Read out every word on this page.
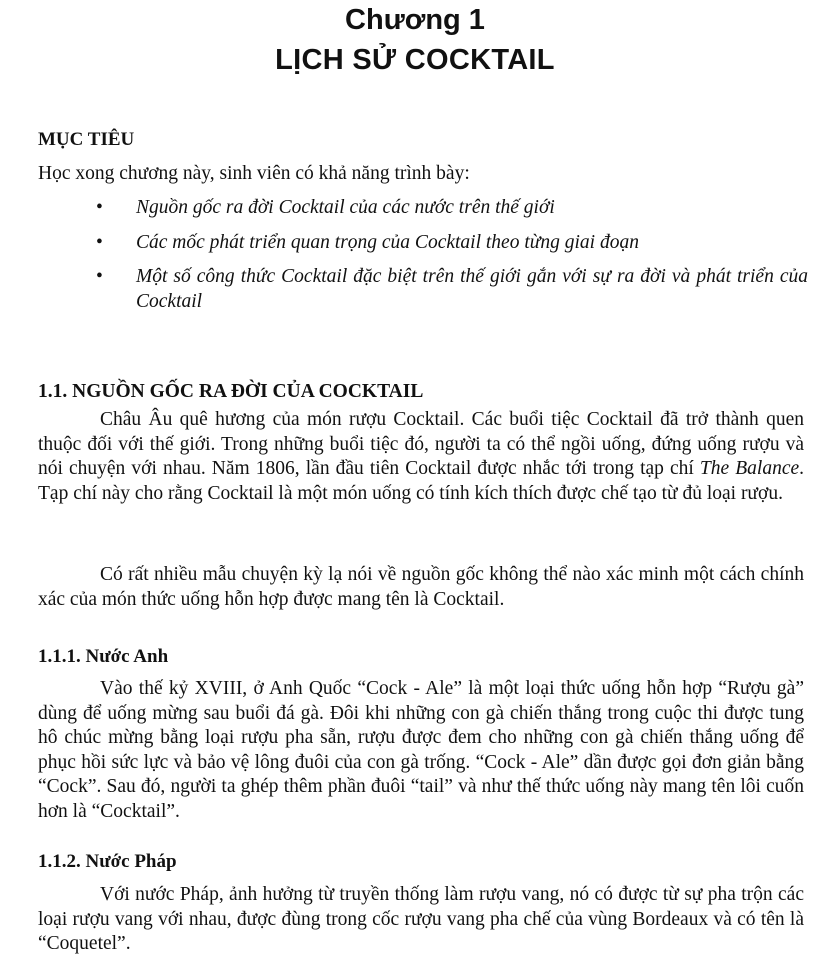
Chương 1
LỊCH SỬ COCKTAIL
MỤC TIÊU

Học xong chương này, sinh viên có khả năng trình bày:

• Nguồn gốc ra đời Cocktail của các nước trên thế giới
• Các mốc phát triển quan trọng của Cocktail theo từng giai đoạn
• Một số công thức Cocktail đặc biệt trên thế giới gắn với sự ra đời và phát triển của Cocktail
1.1. NGUỒN GỐC RA ĐỜI CỦA COCKTAIL

Châu Âu quê hương của món rượu Cocktail. Các buổi tiệc Cocktail đã trở thành quen thuộc đối với thế giới. Trong những buổi tiệc đó, người ta có thể ngồi uống, đứng uống rượu và nói chuyện với nhau. Năm 1806, lần đầu tiên Cocktail được nhắc tới trong tạp chí The Balance. Tạp chí này cho rằng Cocktail là một món uống có tính kích thích được chế tạo từ đủ loại rượu.

Có rất nhiều mẫu chuyện kỳ lạ nói về nguồn gốc không thể nào xác minh một cách chính xác của món thức uống hỗn hợp được mang tên là Cocktail.

1.1.1. Nước Anh

Vào thế kỷ XVIII, ở Anh Quốc “Cock - Ale” là một loại thức uống hỗn hợp “Rượu gà” dùng để uống mừng sau buổi đá gà. Đôi khi những con gà chiến thắng trong cuộc thi được tung hô chúc mừng bằng loại rượu pha sẵn, rượu được đem cho những con gà chiến thắng uống để phục hồi sức lực và bảo vệ lông đuôi của con gà trống. “Cock - Ale” dần được gọi đơn giản bằng “Cock”. Sau đó, người ta ghép thêm phần đuôi “tail” và như thế thức uống này mang tên lôi cuốn hơn là “Cocktail”.

1.1.2. Nước Pháp

Với nước Pháp, ảnh hưởng từ truyền thống làm rượu vang, nó có được từ sự pha trộn các loại rượu vang với nhau, được đùng trong cốc rượu vang pha chế của vùng Bordeaux và có tên là “Coquetel”.
